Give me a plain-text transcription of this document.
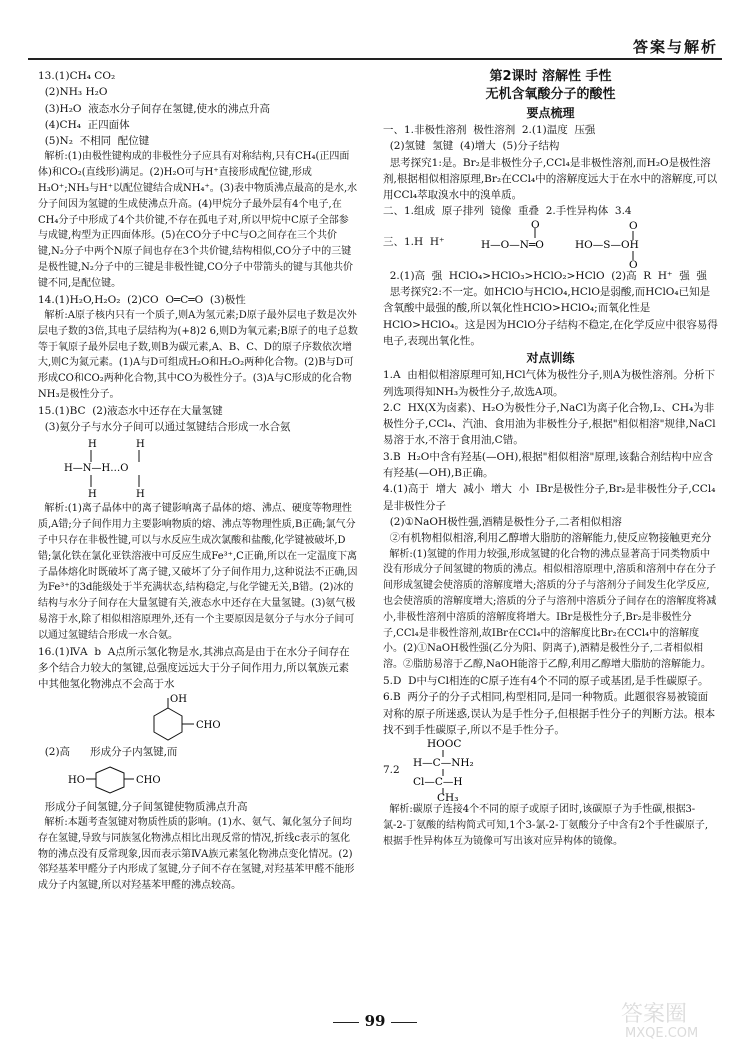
答案与解析

13.(1)CH₄ CO₂

(2)NH₃ H₂O

(3)H₂O  液态水分子间存在氢键,使水的沸点升高

(4)CH₄  正四面体

(5)N₂  不相同  配位键

解析:(1)由极性键构成的非极性分子应具有对称结构,只有CH₄(正四面体)和CO₂(直线形)满足。(2)H₂O可与H⁺直接形成配位键,形成H₃O⁺;NH₃与H⁺以配位键结合成NH₄⁺。(3)表中物质沸点最高的是水,水分子间因为氢键的生成使沸点升高。(4)甲烷分子最外层有4个电子,在CH₄分子中形成了4个共价键,不存在孤电子对,所以甲烷中C原子全部参与成键,构型为正四面体形。(5)在CO分子中C与O之间存在三个共价键,N₂分子中两个N原子间也存在3个共价键,结构相似,CO分子中的三键是极性键,N₂分子中的三键是非极性键,CO分子中带箭头的键与其他共价键不同,是配位键。

14.(1)H₂O,H₂O₂  (2)CO  O═C═O  (3)极性

解析:A原子核内只有一个质子,则A为氢元素;D原子最外层电子数是次外层电子数的3倍,其电子层结构为(+8)2 6,则D为氧元素;B原子的电子总数等于氧原子最外层电子数,则B为碳元素,A、B、C、D的原子序数依次增大,则C为氮元素。(1)A与D可组成H₂O和H₂O₂两种化合物。(2)B与D可形成CO和CO₂两种化合物,其中CO为极性分子。(3)A与C形成的化合物NH₃是极性分子。

15.(1)BC  (2)液态水中还存在大量氢键

(3)氨分子与水分子间可以通过氢键结合形成一水合氨

H
H—N—H…O
H
H
H

解析:(1)离子晶体中的离子键影响离子晶体的熔、沸点、硬度等物理性质,A错;分子间作用力主要影响物质的熔、沸点等物理性质,B正确;氯气分子中只存在非极性键,可以与水反应生成次氯酸和盐酸,化学键被破坏,D错;氯化铁在氯化亚铁溶液中可反应生成Fe³⁺,C正确,所以在一定温度下离子晶体熔化时既破坏了离子键,又破坏了分子间作用力,这种说法不正确,因为Fe³⁺的3d能级处于半充满状态,结构稳定,与化学键无关,B错。(2)冰的结构与水分子间存在大量氢键有关,液态水中还存在大量氢键。(3)氨气极易溶于水,除了相似相溶原理外,还有一个主要原因是氨分子与水分子间可以通过氢键结合形成一水合氨。

16.(1)ⅣA  b  A点所示氢化物是水,其沸点高是由于在水分子间存在多个结合力较大的氢键,总强度远远大于分子间作用力,所以氧族元素中其他氢化物沸点不会高于水

OH
CHO

(2)高      形成分子内氢键,而

HO	CHO

形成分子间氢键,分子间氢键使物质沸点升高

解析:本题考查氢键对物质性质的影响。(1)水、氨气、氟化氢分子间均存在氢键,导致与同族氢化物沸点相比出现反常的情况,折线c表示的氢化物的沸点没有反常现象,因而表示第ⅣA族元素氢化物沸点变化情况。(2)邻羟基苯甲醛分子内形成了氢键,分子间不存在氢键,对羟基苯甲醛不能形成分子内氢键,所以对羟基苯甲醛的沸点较高。

第2课时 溶解性 手性
无机含氧酸分子的酸性
要点梳理

一、1.非极性溶剂  极性溶剂  2.(1)温度  压强

(2)氢键  氢键  (4)增大  (5)分子结构

思考探究1:是。Br₂是非极性分子,CCl₄是非极性溶剂,而H₂O是极性溶剂,根据相似相溶原理,Br₂在CCl₄中的溶解度远大于在水中的溶解度,可以用CCl₄萃取溴水中的溴单质。

二、1.组成  原子排列  镜像  重叠  2.手性异构体  3.4

三、1.H  H⁺	H—O—N═O
O	O
HO—S—OH
O

2.(1)高  强  HClO₄>HClO₃>HClO₂>HClO  (2)高  R  H⁺  强  强

思考探究2:不一定。如HClO与HClO₄,HClO是弱酸,而HClO₄已知是含氧酸中最强的酸,所以氧化性HClO>HClO₄;而氧化性是HClO>HClO₄。这是因为HClO分子结构不稳定,在化学反应中很容易得电子,表现出氧化性。

对点训练

1.A  由相似相溶原理可知,HCl气体为极性分子,则A为极性溶剂。分析下列选项得知NH₃为极性分子,故选A项。

2.C  HX(X为卤素)、H₂O为极性分子,NaCl为离子化合物,I₂、CH₄为非极性分子,CCl₄、汽油、食用油为非极性分子,根据"相似相溶"规律,NaCl易溶于水,不溶于食用油,C错。

3.B  H₂O中含有羟基(—OH),根据"相似相溶"原理,该黏合剂结构中应含有羟基(—OH),B正确。

4.(1)高于  增大  减小  增大  小  IBr是极性分子,Br₂是非极性分子,CCl₄是非极性分子

(2)①NaOH极性强,酒精是极性分子,二者相似相溶

②有机物相似相溶,利用乙醇增大脂肪的溶解能力,使反应物接触更充分

解析:(1)氢键的作用力较强,形成氢键的化合物的沸点显著高于同类物质中没有形成分子间氢键的物质的沸点。相似相溶原理中,溶质和溶剂中存在分子间形成氢键会使溶质的溶解度增大;溶质的分子与溶剂分子间发生化学反应,也会使溶质的溶解度增大;溶质的分子与溶剂中溶质分子间存在的溶解度将减小,非极性溶剂中溶质的溶解度将增大。IBr是极性分子,Br₂是非极性分子,CCl₄是非极性溶剂,故IBr在CCl₄中的溶解度比Br₂在CCl₄中的溶解度小。(2)①NaOH极性强(乙分为阳、阴离子),酒精是极性分子,二者相似相溶。②脂肪易溶于乙醇,NaOH能溶于乙醇,利用乙醇增大脂肪的溶解能力。

5.D  D中与Cl相连的C原子连有4个不同的原子或基团,是手性碳原子。

6.B  两分子的分子式相同,构型相同,是同一种物质。此题很容易被镜面对称的原子所迷惑,误认为是手性分子,但根据手性分子的判断方法。根本找不到手性碳原子,所以不是手性分子。

7.2

HOOC
H—C—NH₂
Cl—C—H
CH₃

解析:碳原子连接4个不同的原子或原子团时,该碳原子为手性碳,根据3-氯-2-丁氨酸的结构简式可知,1个3-氯-2-丁氨酸分子中含有2个手性碳原子,根据手性异构体互为镜像可写出该对应异构体的镜像。

99	答案圈
MXQE.COM
